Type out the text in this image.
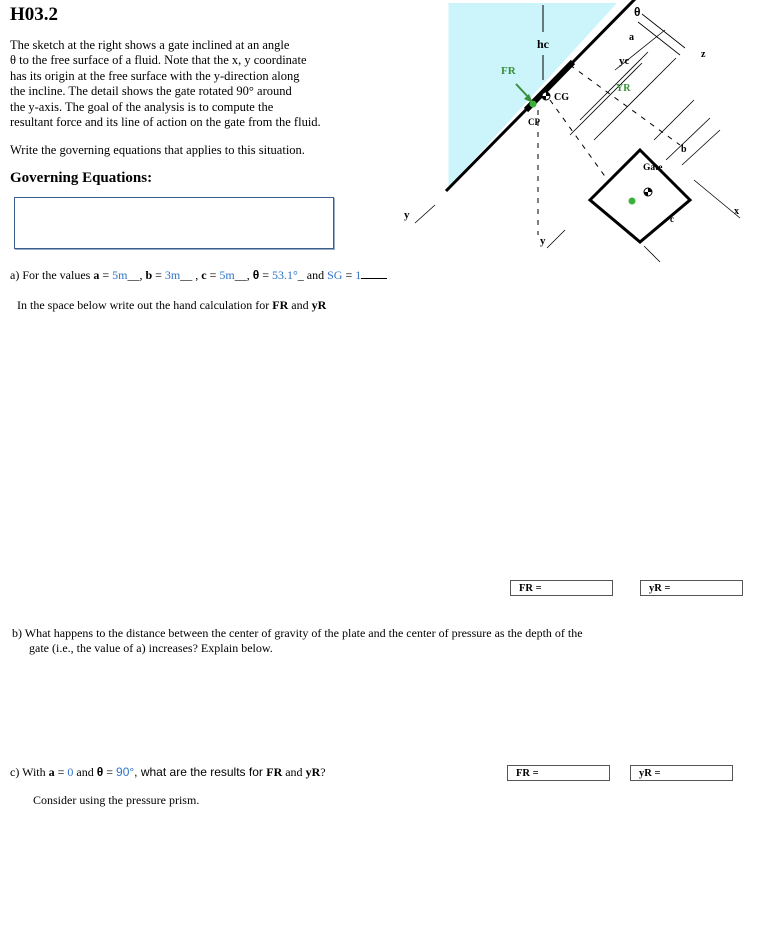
H03.2
The sketch at the right shows a gate inclined at an angle
θ to the free surface of a fluid. Note that the x, y coordinate
has its origin at the free surface with the y-direction along
the incline. The detail shows the gate rotated 90° around
the y-axis. The goal of the analysis is to compute the
resultant force and its line of action on the gate from the fluid.
Write the governing equations that applies to this situation.
Governing Equations:
hc
FR
CP
CG
θ
a
yc
YR
z
y
y
Gate
b
c
x
a) For the values a = 5m__, b = 3m__ , c = 5m__, θ = 53.1°_ and SG = 1
In the space below write out the hand calculation for FR and yR
FR =	yR =
b) What happens to the distance between the center of gravity of the plate and the center of pressure as the depth of the
gate (i.e., the value of a) increases? Explain below.
c) With a = 0 and θ = 90°, what are the results for FR and yR?
Consider using the pressure prism.
FR =	yR =
